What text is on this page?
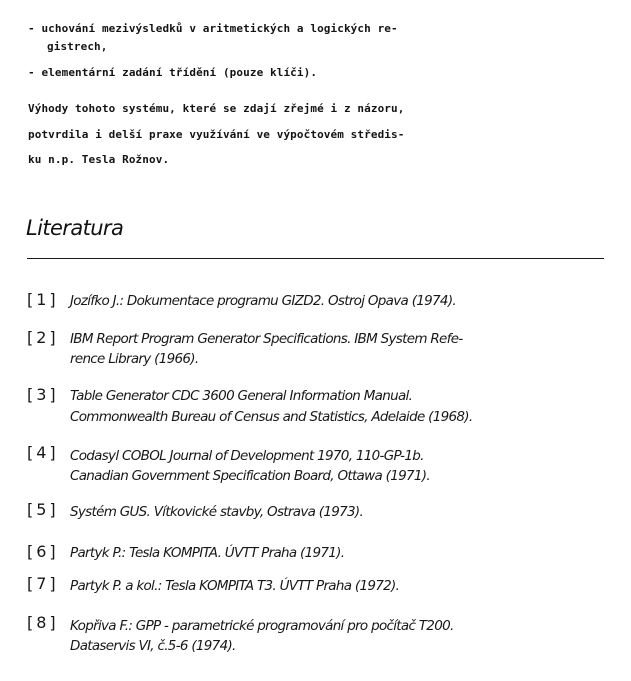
- uchování mezivýsledků v aritmetických a logických re-
gistrech,
- elementární zadání třídění (pouze klíči).
Výhody tohoto systému, které se zdají zřejmé i z názoru,
potvrdila i delší praxe využívání ve výpočtovém středis-
ku n.p. Tesla Rožnov.
Literatura
[1] Jozífko J.: Dokumentace programu GIZD2. Ostroj Opava (1974).
[2] IBM Report Program Generator Specifications. IBM System Refe-
rence Library (1966).
[3] Table Generator CDC 3600 General Information Manual.
Commonwealth Bureau of Census and Statistics, Adelaide (1968).
[4] Codasyl COBOL Journal of Development 1970, 110-GP-1b.
Canadian Government Specification Board, Ottawa (1971).
[5] Systém GUS. Vítkovické stavby, Ostrava (1973).
[6] Partyk P.: Tesla KOMPITA. ÚVTT Praha (1971).
[7] Partyk P. a kol.: Tesla KOMPITA T3. ÚVTT Praha (1972).
[8] Kopřiva F.: GPP - parametrické programování pro počítač T200.
Dataservis VI, č.5-6 (1974).
